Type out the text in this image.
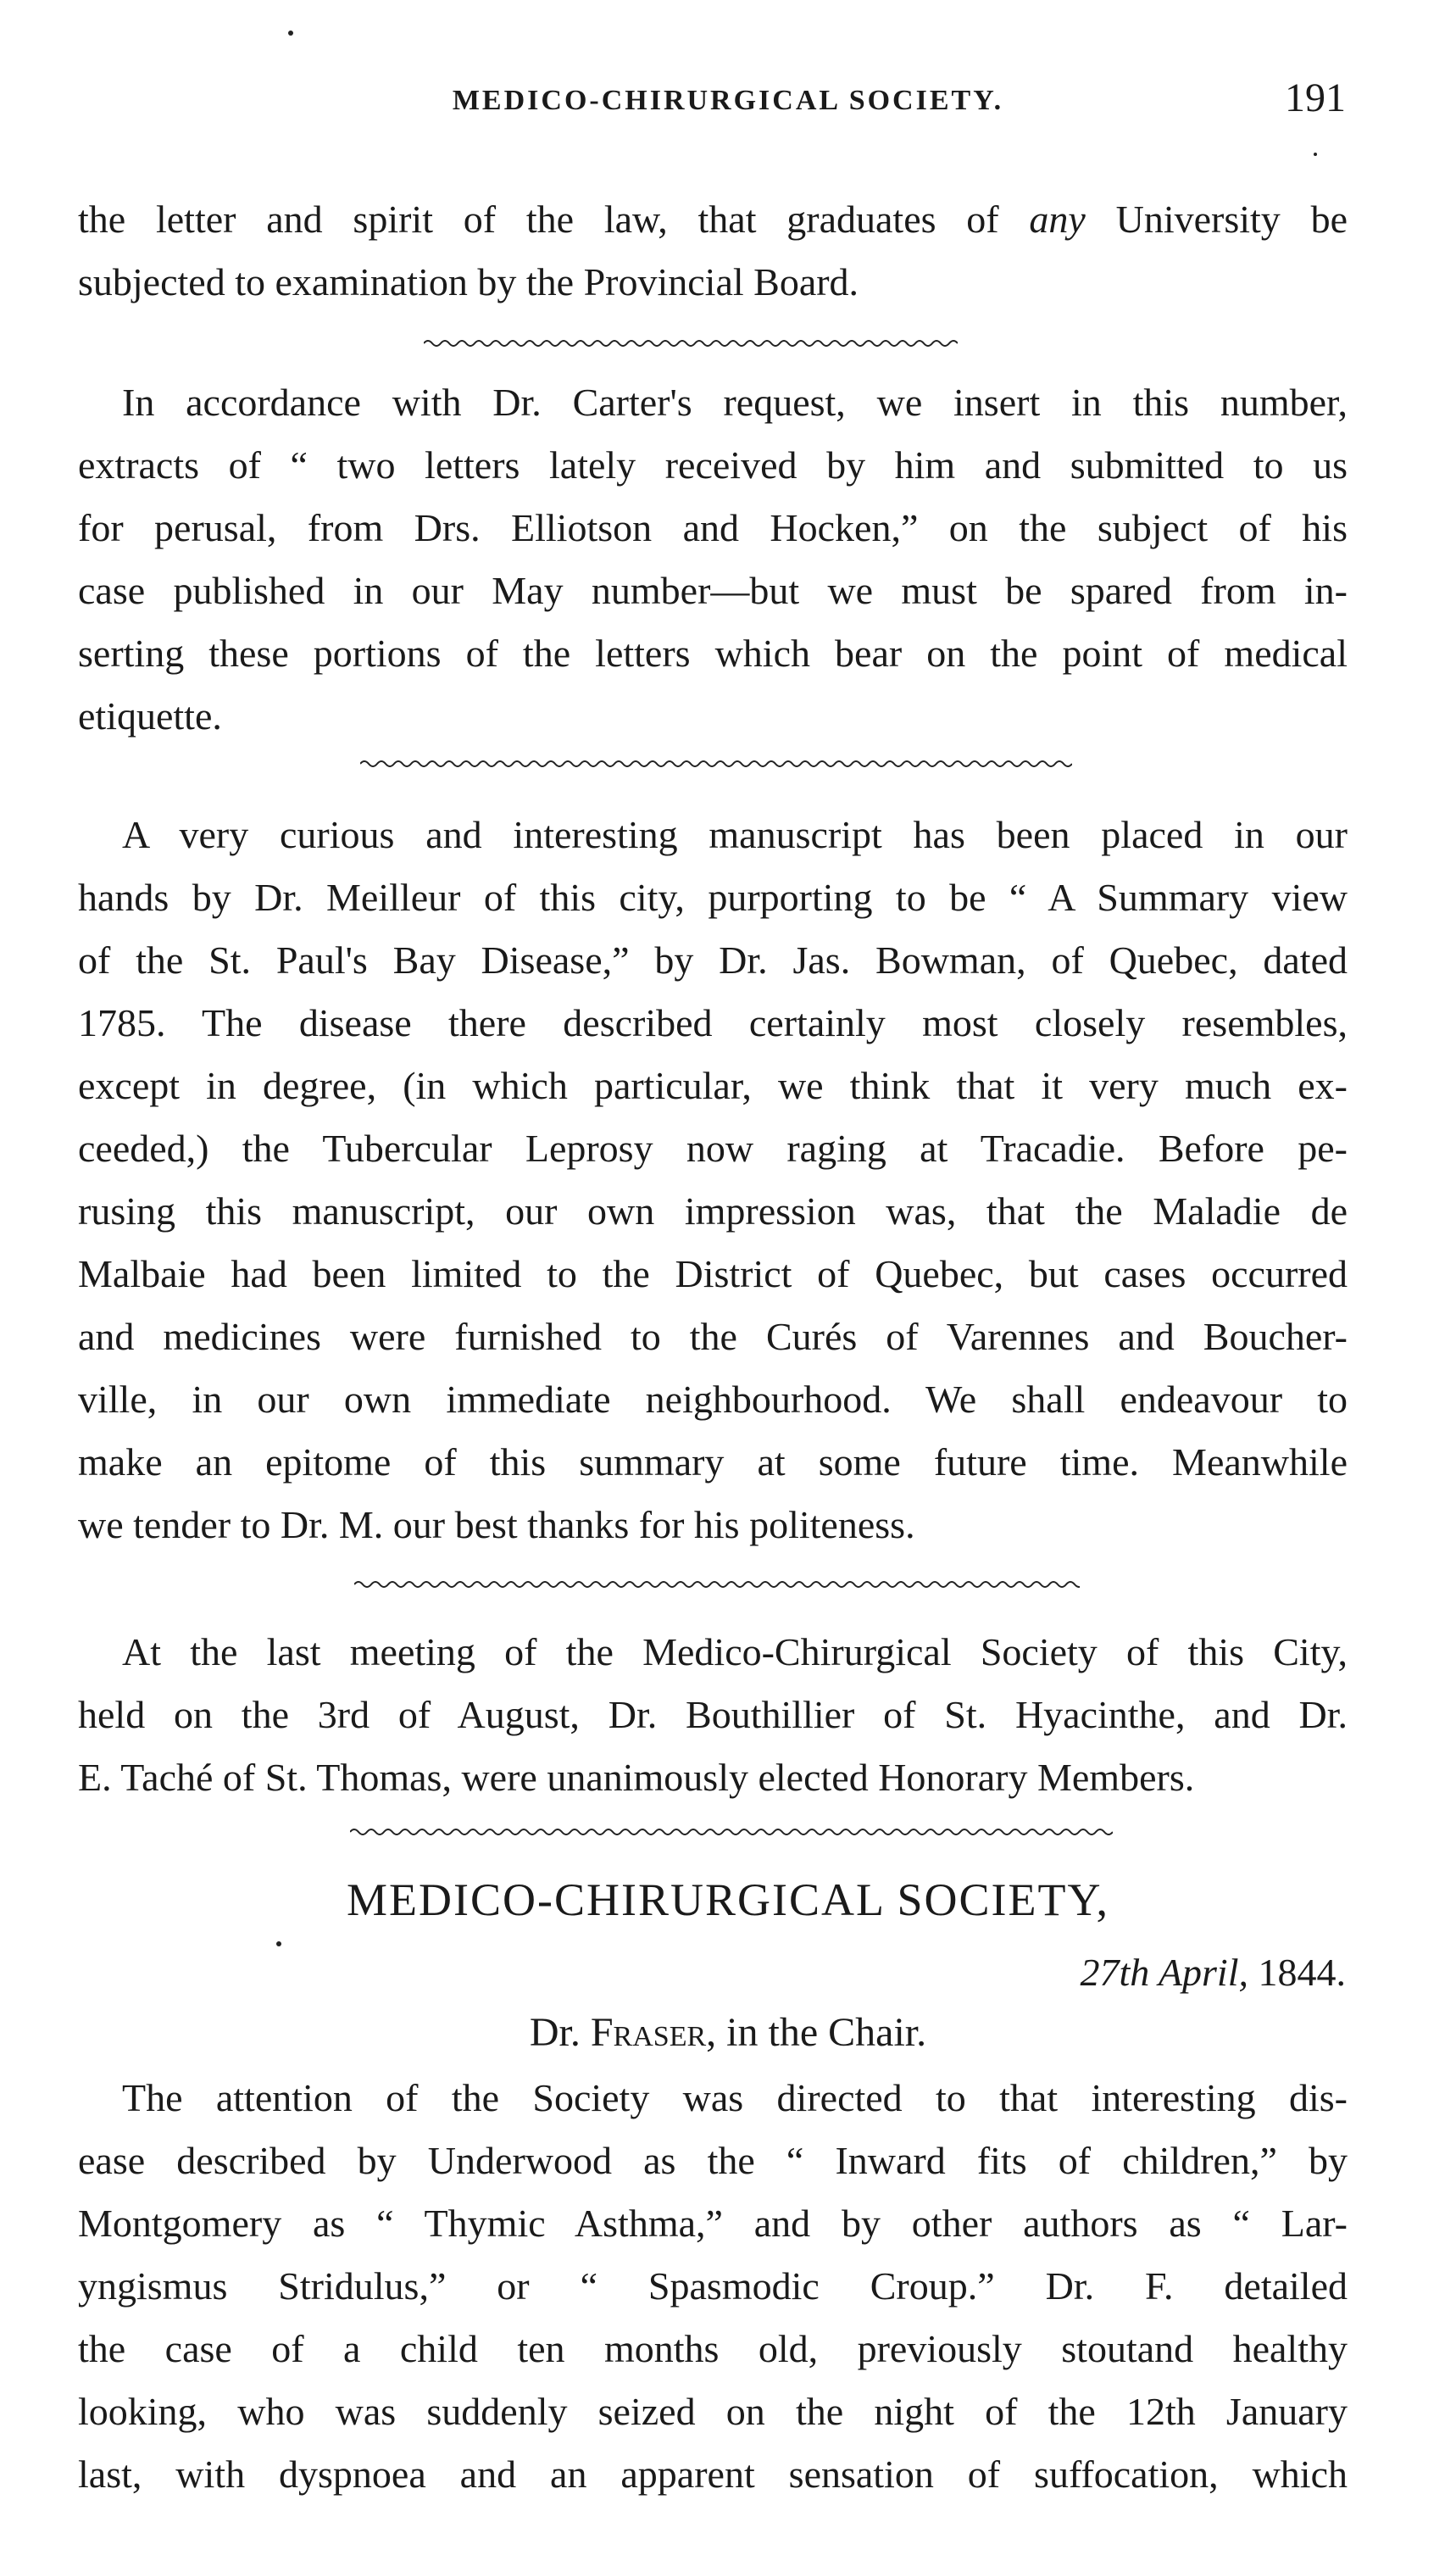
MEDICO-CHIRURGICAL SOCIETY.	191
the letter and spirit of the law, that graduates of any University be
subjected to examination by the Provincial Board.
In accordance with Dr. Carter's request, we insert in this number,
extracts of “ two letters lately received by him and submitted to us
for perusal, from Drs. Elliotson and Hocken,” on the subject of his
case published in our May number—but we must be spared from in-
serting these portions of the letters which bear on the point of medical
etiquette.
A very curious and interesting manuscript has been placed in our
hands by Dr. Meilleur of this city, purporting to be “ A Summary view
of the St. Paul's Bay Disease,” by Dr. Jas. Bowman, of Quebec, dated
1785. The disease there described certainly most closely resembles,
except in degree, (in which particular, we think that it very much ex-
ceeded,) the Tubercular Leprosy now raging at Tracadie. Before pe-
rusing this manuscript, our own impression was, that the Maladie de
Malbaie had been limited to the District of Quebec, but cases occurred
and medicines were furnished to the Curés of Varennes and Boucher-
ville, in our own immediate neighbourhood. We shall endeavour to
make an epitome of this summary at some future time. Meanwhile
we tender to Dr. M. our best thanks for his politeness.
At the last meeting of the Medico-Chirurgical Society of this City,
held on the 3rd of August, Dr. Bouthillier of St. Hyacinthe, and Dr.
E. Taché of St. Thomas, were unanimously elected Honorary Members.
MEDICO-CHIRURGICAL SOCIETY,
27th April, 1844.
Dr. Fraser, in the Chair.
The attention of the Society was directed to that interesting dis-
ease described by Underwood as the “ Inward fits of children,” by
Montgomery as “ Thymic Asthma,” and by other authors as “ Lar-
yngismus Stridulus,” or “ Spasmodic Croup.” Dr. F. detailed
the case of a child ten months old, previously stoutand healthy
looking, who was suddenly seized on the night of the 12th January
last, with dyspnoea and an apparent sensation of suffocation, which
